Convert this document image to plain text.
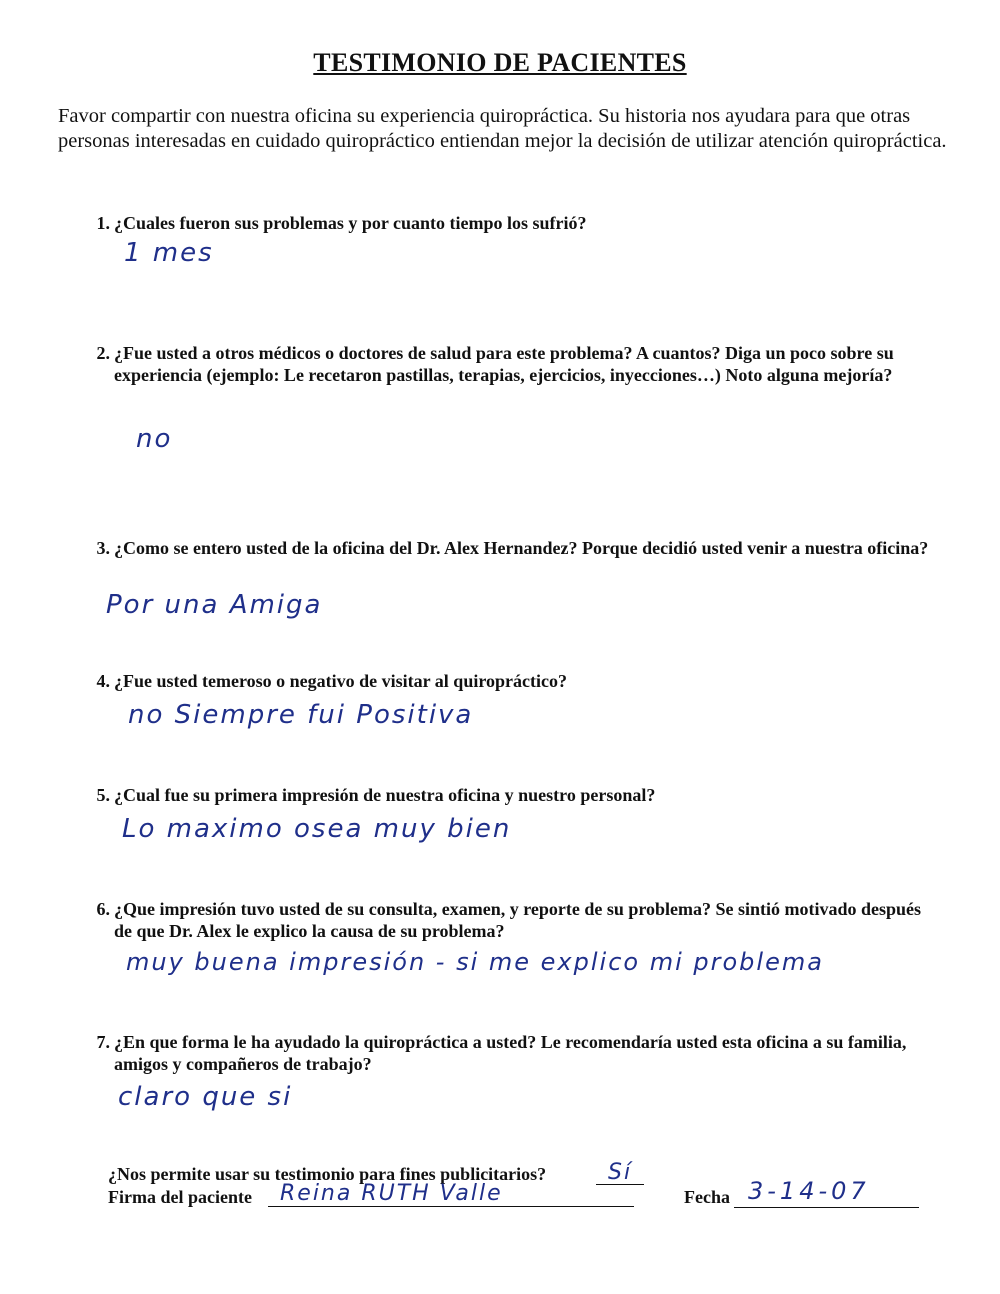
TESTIMONIO DE PACIENTES
Favor compartir con nuestra oficina su experiencia quiropráctica. Su historia nos ayudara para que otras personas interesadas en cuidado quiropráctico entiendan mejor la decisión de utilizar atención quiropráctica.
1. ¿Cuales fueron sus problemas y por cuanto tiempo los sufrió?
1 mes
2. ¿Fue usted a otros médicos o doctores de salud para este problema? A cuantos? Diga un poco sobre su experiencia (ejemplo: Le recetaron pastillas, terapias, ejercicios, inyecciones…) Noto alguna mejoría?
no
3. ¿Como se entero usted de la oficina del Dr. Alex Hernandez? Porque decidió usted venir a nuestra oficina?
Por una Amiga
4. ¿Fue usted temeroso o negativo de visitar al quiropráctico?
no Siempre fui Positiva
5. ¿Cual fue su primera impresión de nuestra oficina y nuestro personal?
Lo maximo osea muy bien
6. ¿Que impresión tuvo usted de su consulta, examen, y reporte de su problema? Se sintió motivado después de que Dr. Alex le explico la causa de su problema?
muy buena impresión - si me explico mi problema
7. ¿En que forma le ha ayudado la quiropráctica a usted? Le recomendaría usted esta oficina a su familia, amigos y compañeros de trabajo?
claro que si
¿Nos permite usar su testimonio para fines publicitarios?	Sí
Firma del paciente Reina RUTH Valle	Fecha 3-14-07
